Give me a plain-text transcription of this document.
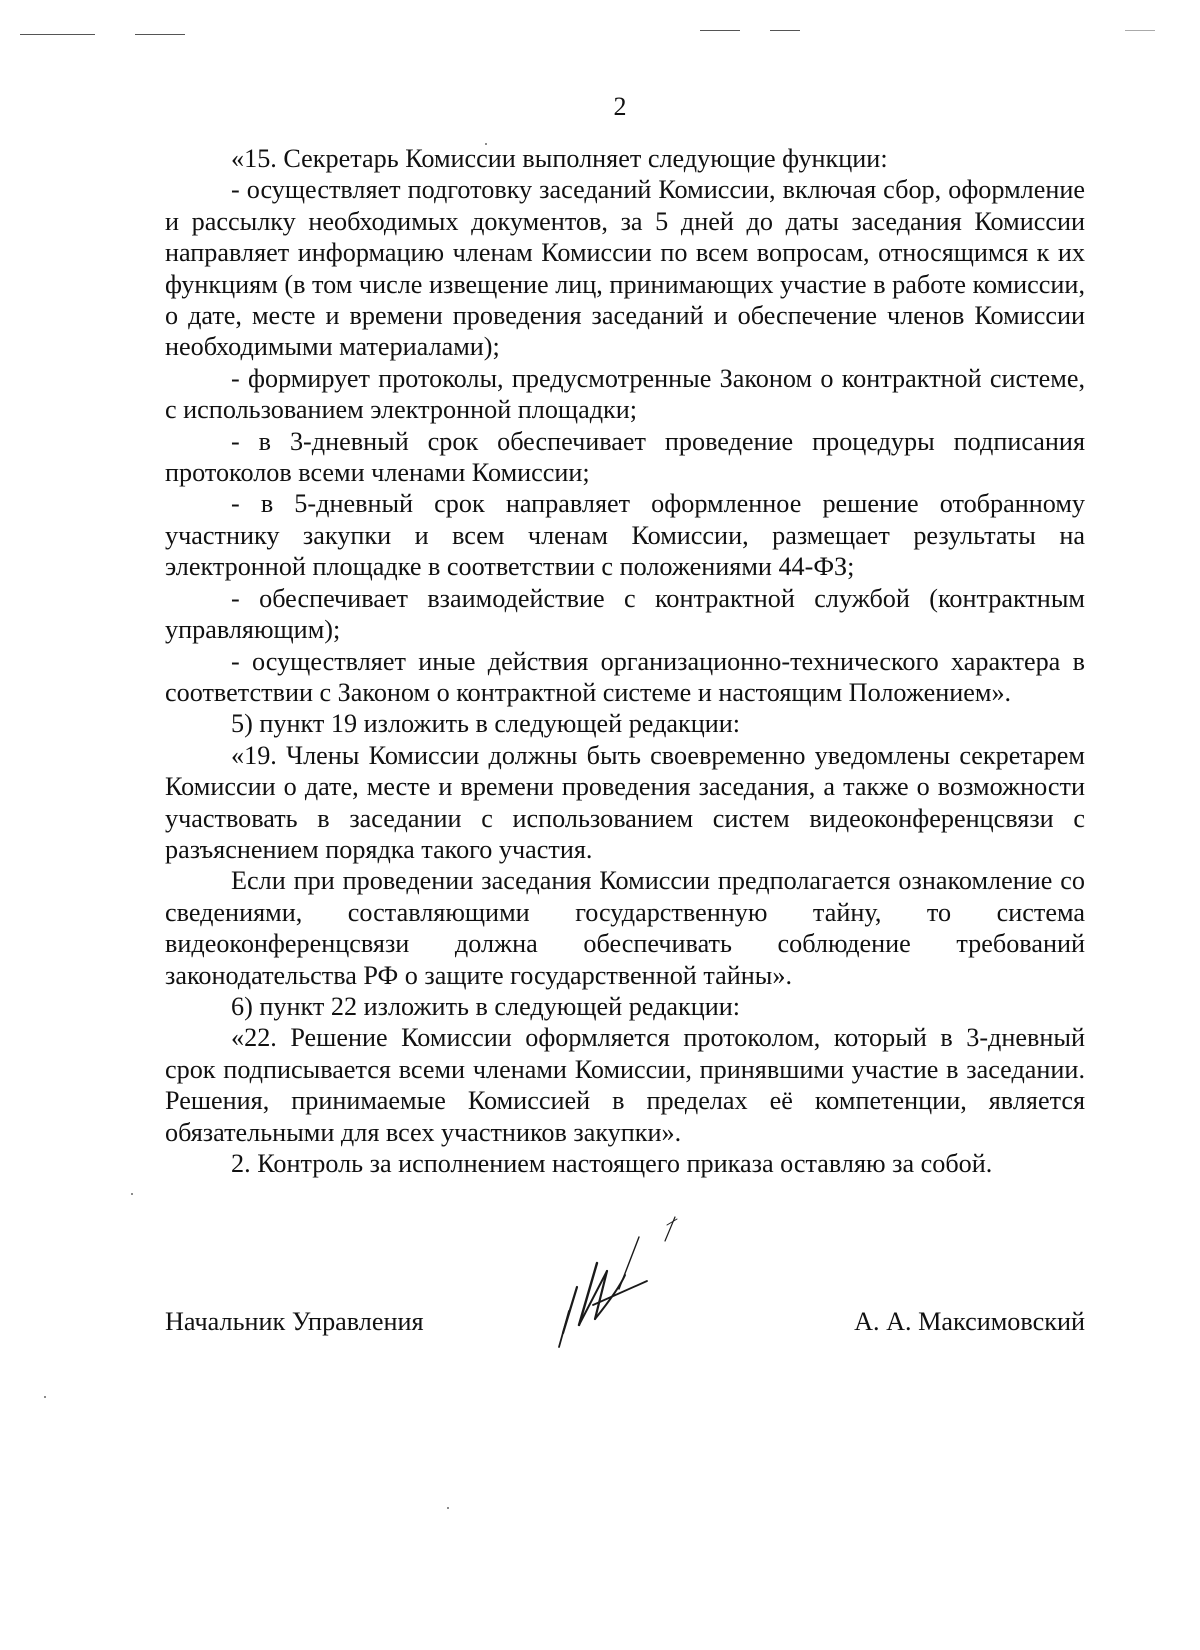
2

«15. Секретарь Комиссии выполняет следующие функции:

- осуществляет подготовку заседаний Комиссии, включая сбор, оформление и рассылку необходимых документов, за 5 дней до даты заседания Комиссии направляет информацию членам Комиссии по всем вопросам, относящимся к их функциям (в том числе извещение лиц, принимающих участие в работе комиссии, о дате, месте и времени проведения заседаний и обеспечение членов Комиссии необходимыми материалами);

- формирует протоколы, предусмотренные Законом о контрактной системе, с использованием электронной площадки;

- в 3-дневный срок обеспечивает проведение процедуры подписания протоколов всеми членами Комиссии;

- в 5-дневный срок направляет оформленное решение отобранному участнику закупки и всем членам Комиссии, размещает результаты на электронной площадке в соответствии с положениями 44-ФЗ;

- обеспечивает взаимодействие с контрактной службой (контрактным управляющим);

- осуществляет иные действия организационно-технического характера в соответствии с Законом о контрактной системе и настоящим Положением».

5) пункт 19 изложить в следующей редакции:

«19. Члены Комиссии должны быть своевременно уведомлены секретарем Комиссии о дате, месте и времени проведения заседания, а также о возможности участвовать в заседании с использованием систем видеоконференцсвязи с разъяснением порядка такого участия.

Если при проведении заседания Комиссии предполагается ознакомление со сведениями, составляющими государственную тайну, то система видеоконференцсвязи должна обеспечивать соблюдение требований законодательства РФ о защите государственной тайны».

6) пункт 22 изложить в следующей редакции:

«22. Решение Комиссии оформляется протоколом, который в 3-дневный срок подписывается всеми членами Комиссии, принявшими участие в заседании. Решения, принимаемые Комиссией в пределах её компетенции, является обязательными для всех участников закупки».

2. Контроль за исполнением настоящего приказа оставляю за собой.

Начальник Управления	А. А. Максимовский
